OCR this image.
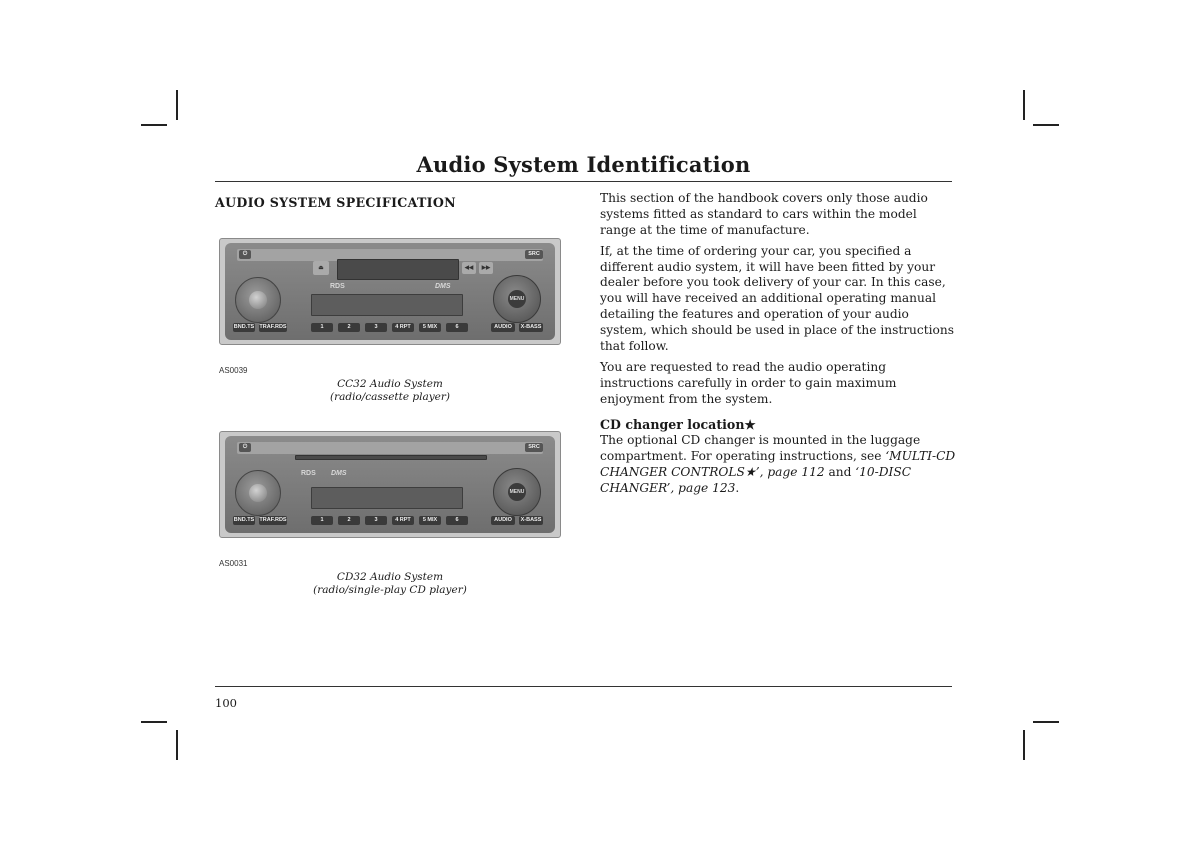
Audio System Identification
AUDIO SYSTEM SPECIFICATION
⏻	SRC
⏏	◀◀	▶▶
RDS	DMS
MENU
BND.TS TRAF.RDS	1	2	3	4 RPT	5 MIX	6	AUDIO	X-BASS
AS0039
CC32 Audio System
(radio/cassette player)
⏻	SRC
RDS DMS
MENU
BND.TS TRAF.RDS	1	2	3	4 RPT	5 MIX	6	AUDIO	X-BASS
AS0031
CD32 Audio System
(radio/single-play CD player)

This section of the handbook covers only those audio systems fitted as standard to cars within the model range at the time of manufacture.

If, at the time of ordering your car, you specified a different audio system, it will have been fitted by your dealer before you took delivery of your car. In this case, you will have received an additional operating manual detailing the features and operation of your audio system, which should be used in place of the instructions that follow.

You are requested to read the audio operating instructions carefully in order to gain maximum enjoyment from the system.

CD changer location★

The optional CD changer is mounted in the luggage compartment. For operating instructions, see ‘MULTI-CD CHANGER CONTROLS★’, page 112 and ‘10-DISC CHANGER’, page 123.

100
